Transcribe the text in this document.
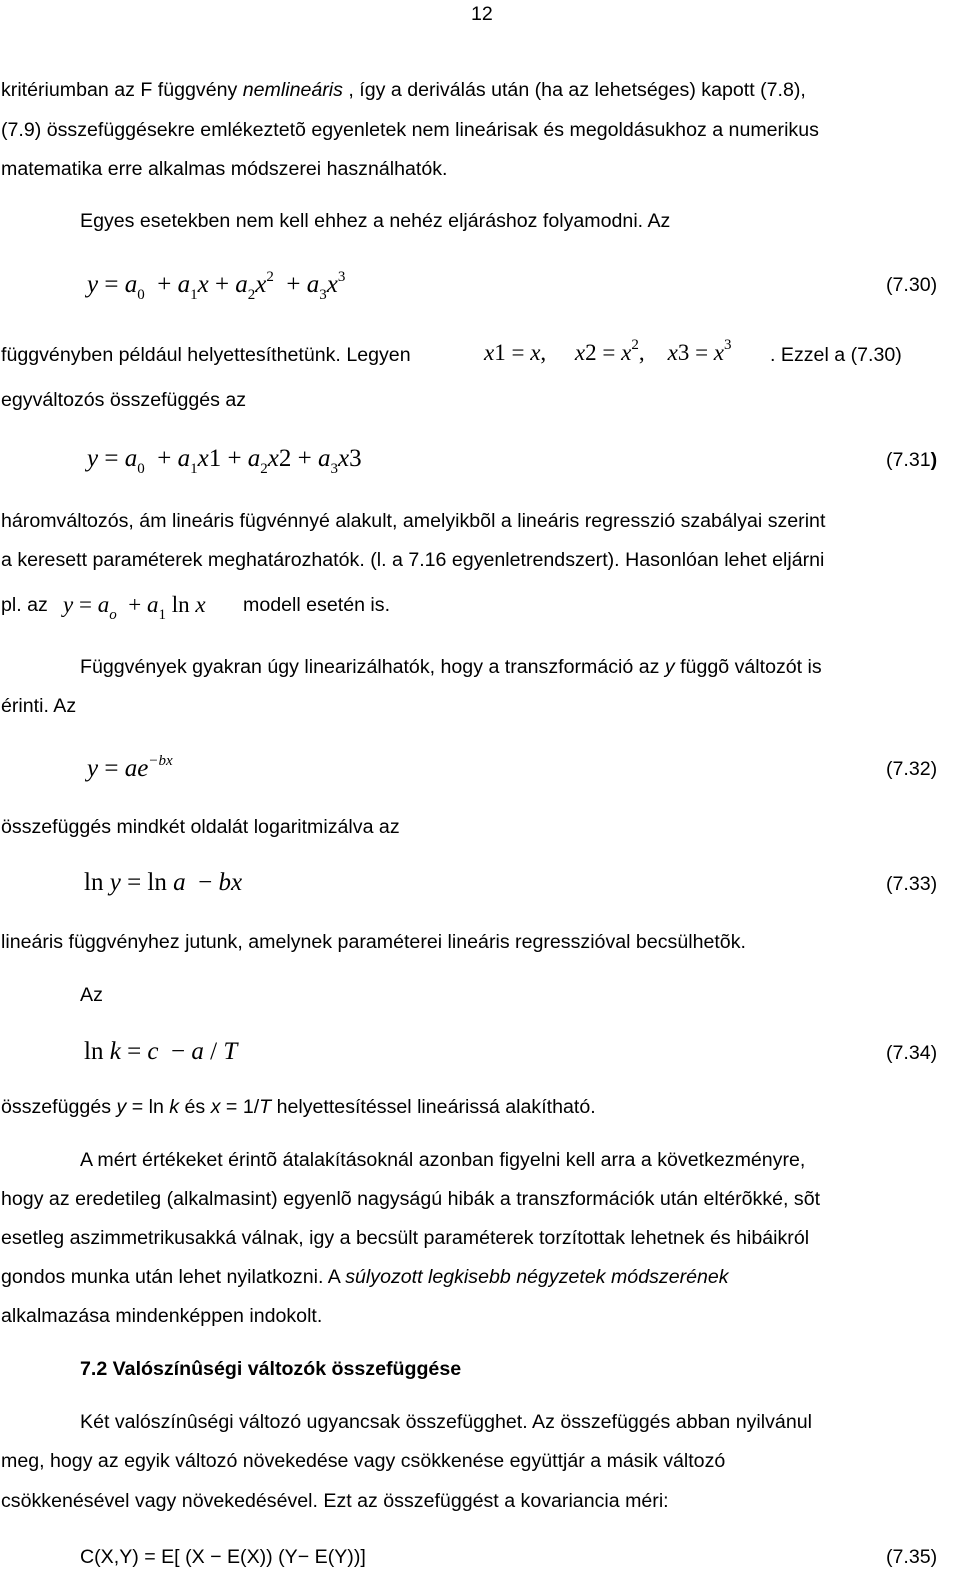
12
kritériumban az F függvény nemlineáris , így a deriválás után (ha az lehetséges) kapott (7.8),
(7.9) összefüggésekre emlékeztetõ egyenletek nem lineárisak és megoldásukhoz a numerikus
matematika erre alkalmas módszerei használhatók.
Egyes esetekben nem kell ehhez a nehéz eljáráshoz folyamodni. Az
$y = a_0 + a_1x + a_2x^2 + a_3x^3$	(7.30)
függvényben például helyettesíthetünk. Legyen	x1 = x,     $x2 = x^2$,    $x3 = x^3$ . Ezzel a (7.30)
egyváltozós összefüggés az
$y = a_0 + a_1x1 + a_2x2 + a_3x3$	(7.31)
háromváltozós, ám lineáris fügvénnyé alakult, amelyikbõl a lineáris regresszió szabályai szerint
a keresett paraméterek meghatározhatók. (l. a 7.16 egyenletrendszert). Hasonlóan lehet eljárni
pl. az $y = a_o + a_1$ ln x modell esetén is.
Függvények gyakran úgy linearizálhatók, hogy a transzformáció az y függõ változót is
érinti. Az
$y = ae^{-bx}$	(7.32)
összefüggés mindkét oldalát logaritmizálva az
ln y = ln a  − bx	(7.33)
lineáris függvényhez jutunk, amelynek paraméterei lineáris regresszióval becsülhetõk.
Az
ln k = c  − a / T	(7.34)
összefüggés y = ln k és x = 1/T helyettesítéssel lineárissá alakítható.
A mért értékeket érintõ átalakításoknál azonban figyelni kell arra a következményre,
hogy az eredetileg (alkalmasint) egyenlõ nagyságú hibák a transzformációk után eltérõkké, sõt
esetleg aszimmetrikusakká válnak, igy a becsült paraméterek torzítottak lehetnek és hibáikról
gondos munka után lehet nyilatkozni. A súlyozott legkisebb négyzetek módszerének
alkalmazása mindenképpen indokolt.
7.2 Valószínûségi változók összefüggése
Két valószínûségi változó ugyancsak összefügghet. Az összefüggés abban nyilvánul
meg, hogy az egyik változó növekedése vagy csökkenése együttjár a másik változó
csökkenésével vagy növekedésével. Ezt az összefüggést a kovariancia méri:
C(X,Y) = E[ (X − E(X)) (Y− E(Y))]	(7.35)
